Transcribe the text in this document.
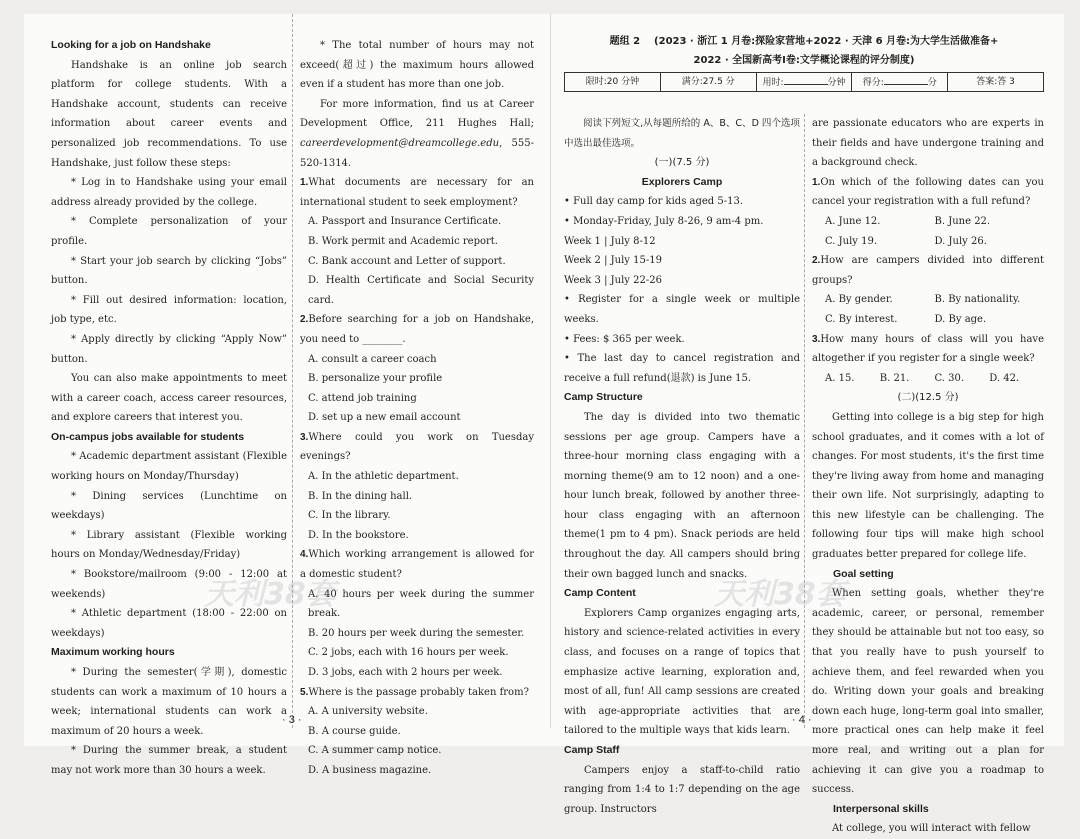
Looking for a job on Handshake

Handshake is an online job search platform for college students. With a Handshake account, students can receive information about career events and personalized job recommendations. To use Handshake, just follow these steps:

* Log in to Handshake using your email address already provided by the college.

* Complete personalization of your profile.

* Start your job search by clicking “Jobs” button.

* Fill out desired information: location, job type, etc.

* Apply directly by clicking “Apply Now” button.

You can also make appointments to meet with a career coach, access career resources, and explore careers that interest you.

On-campus jobs available for students

* Academic department assistant (Flexible working hours on Monday/Thursday)

* Dining services (Lunchtime on weekdays)

* Library assistant (Flexible working hours on Monday/Wednesday/Friday)

* Bookstore/mailroom (9:00 - 12:00 at weekends)

* Athletic department (18:00 - 22:00 on weekdays)

Maximum working hours

* During the semester(学期), domestic students can work a maximum of 10 hours a week; international students can work a maximum of 20 hours a week.

* During the summer break, a student may not work more than 30 hours a week.

* The total number of hours may not exceed(超过) the maximum hours allowed even if a student has more than one job.

For more information, find us at Career Development Office, 211 Hughes Hall; careerdevelopment@dreamcollege.edu, 555-520-1314.

1.What documents are necessary for an international student to seek employment?

A. Passport and Insurance Certificate.

B. Work permit and Academic report.

C. Bank account and Letter of support.

D. Health Certificate and Social Security card.

2.Before searching for a job on Handshake, you need to ________.

A. consult a career coach

B. personalize your profile

C. attend job training

D. set up a new email account

3.Where could you work on Tuesday evenings?

A. In the athletic department.

B. In the dining hall.

C. In the library.

D. In the bookstore.

4.Which working arrangement is allowed for a domestic student?

A. 40 hours per week during the summer break.

B. 20 hours per week during the semester.

C. 2 jobs, each with 16 hours per week.

D. 3 jobs, each with 2 hours per week.

5.Where is the passage probably taken from?

A. A university website.

B. A course guide.

C. A summer camp notice.

D. A business magazine.

· 3 ·
题组 2 (2023 · 浙江 1 月卷:探险家营地+2022 · 天津 6 月卷:为大学生活做准备+
2022 · 全国新高考Ⅰ卷:文学概论课程的评分制度)
限时:20 分钟	满分:27.5 分	用时:	分钟	得分:	分	答案:答 3

阅读下列短文,从每题所给的 A、B、C、D 四个选项中选出最佳选项。

(一)(7.5 分)

Explorers Camp

• Full day camp for kids aged 5-13.

• Monday-Friday, July 8-26, 9 am-4 pm.

Week 1 | July 8-12

Week 2 | July 15-19

Week 3 | July 22-26

• Register for a single week or multiple weeks.

• Fees: $ 365 per week.

• The last day to cancel registration and receive a full refund(退款) is June 15.

Camp Structure

The day is divided into two thematic sessions per age group. Campers have a three-hour morning class engaging with a morning theme(9 am to 12 noon) and a one-hour lunch break, followed by another three-hour class engaging with an afternoon theme(1 pm to 4 pm). Snack periods are held throughout the day. All campers should bring their own bagged lunch and snacks.

Camp Content

Explorers Camp organizes engaging arts, history and science-related activities in every class, and focuses on a range of topics that emphasize active learning, exploration and, most of all, fun! All camp sessions are created with age-appropriate activities that are tailored to the multiple ways that kids learn.

Camp Staff

Campers enjoy a staff-to-child ratio ranging from 1:4 to 1:7 depending on the age group. Instructors

are passionate educators who are experts in their fields and have undergone training and a background check.

1.On which of the following dates can you cancel your registration with a full refund?

A. June 12.	B. June 22.

C. July 19.	D. July 26.

2.How are campers divided into different groups?

A. By gender.	B. By nationality.

C. By interest.	D. By age.

3.How many hours of class will you have altogether if you register for a single week?

A. 15.	B. 21.	C. 30.	D. 42.

(二)(12.5 分)

Getting into college is a big step for high school graduates, and it comes with a lot of changes. For most students, it's the first time they're living away from home and managing their own life. Not surprisingly, adapting to this new lifestyle can be challenging. The following four tips will make high school graduates better prepared for college life.

Goal setting

When setting goals, whether they're academic, career, or personal, remember they should be attainable but not too easy, so that you really have to push yourself to achieve them, and feel rewarded when you do. Writing down your goals and breaking down each huge, long-term goal into smaller, more practical ones can help make it feel more real, and writing out a plan for achieving it can give you a roadmap to success.

Interpersonal skills

At college, you will interact with fellow

· 4 ·
天利38套	天利38套
